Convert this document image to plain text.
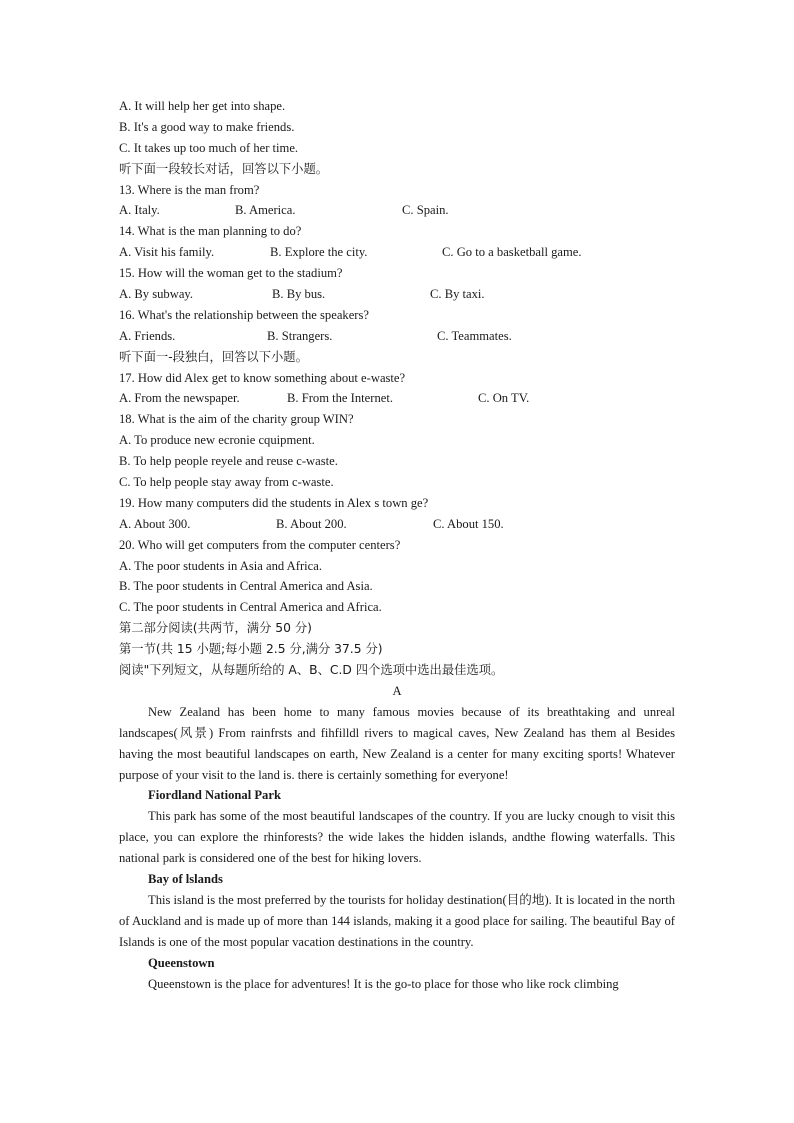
A. It will help her get into shape.
B. It's a good way to make friends.
C. It takes up too much of her time.
听下面一段较长对话，回答以下小题。
13. Where is the man from?
A. Italy.	B. America.	C. Spain.
14. What is the man planning to do?
A. Visit his family.	B. Explore the city.	C. Go to a basketball game.
15. How will the woman get to the stadium?
A. By subway.	B. By bus.	C. By taxi.
16. What's the relationship between the speakers?
A. Friends.	B. Strangers.	C. Teammates.
听下面一-段独白，回答以下小题。
17. How did Alex get to know something about e-waste?
A. From the newspaper.	B. From the Internet.	C. On TV.
18. What is the aim of the charity group WIN?
A. To produce new ecronie cquipment.
B. To help people reyele and reuse c-waste.
C. To help people stay away from c-waste.
19. How many computers did the students in Alex s town ge?
A. About 300.	B. About 200.	C. About 150.
20. Who will get computers from the computer centers?
A. The poor students in Asia and Africa.
B. The poor students in Central America and Asia.
C. The poor students in Central America and Africa.
第二部分阅读(共两节，满分 50 分)
第一节(共 15 小题;每小题 2.5 分,满分 37.5 分)
阅读"下列短文，从每题所给的 A、B、C.D 四个选项中选出最佳选项。
A
New Zealand has been home to many famous movies because of its breathtaking and unreal landscapes(风景) From rainfrsts and fihfilldl rivers to magical caves, New Zealand has them al Besides having the most beautiful landscapes on earth, New Zealand is a center for many exciting sports! Whatever purpose of your visit to the land is. there is certainly something for everyone!
Fiordland National Park
This park has some of the most beautiful landscapes of the country. If you are lucky cnough to visit this place, you can explore the rhinforests? the wide lakes the hidden islands, andthe flowing waterfalls. This national park is considered one of the best for hiking lovers.
Bay of lslands
This island is the most preferred by the tourists for holiday destination(目的地). It is located in the north of Auckland and is made up of more than 144 islands, making it a good place for sailing. The beautiful Bay of Islands is one of the most popular vacation destinations in the country.
Queenstown
Queenstown is the place for adventures! It is the go-to place for those who like rock climbing
